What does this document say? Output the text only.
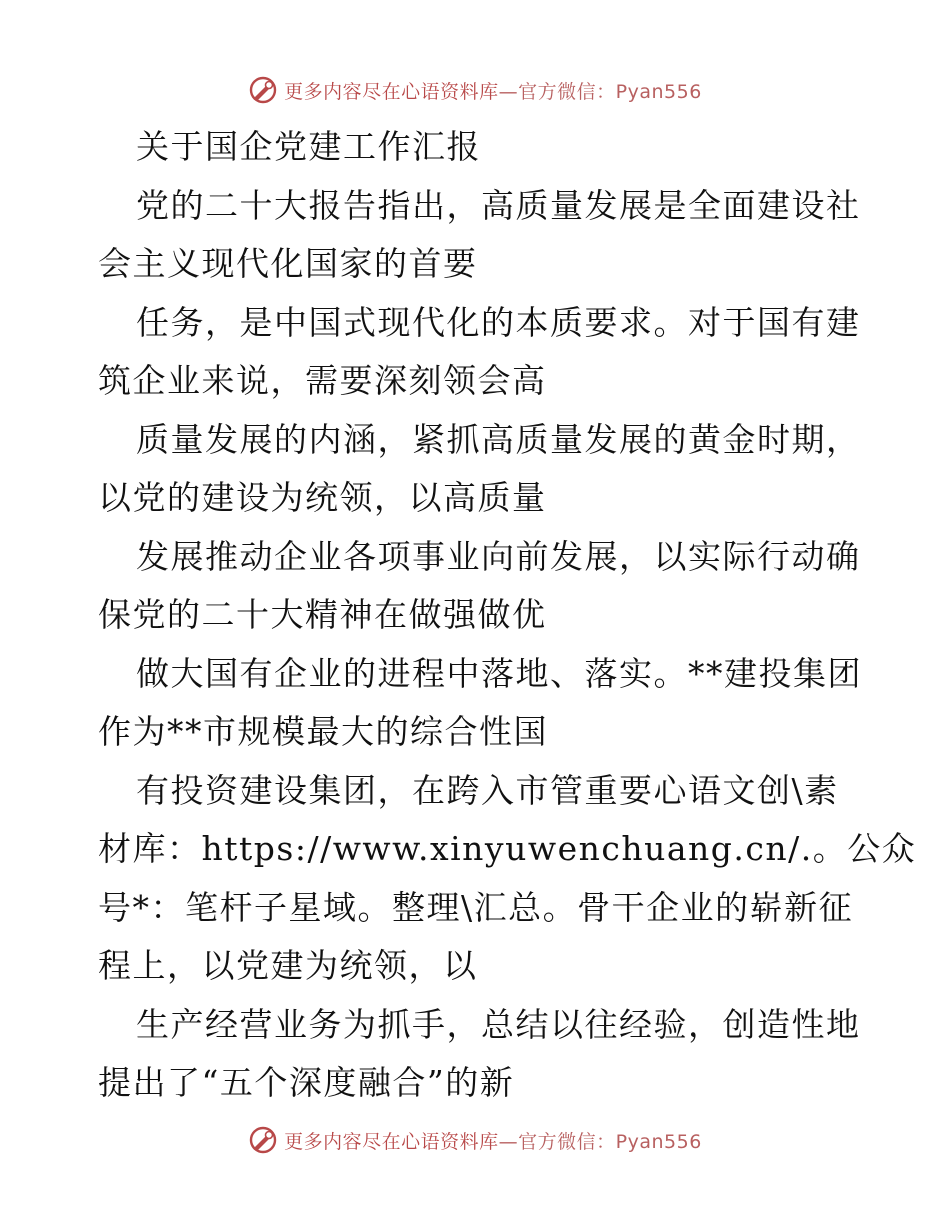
更多内容尽在心语资料库—官方微信：Pyan556
关于国企党建工作汇报
党的二十大报告指出，高质量发展是全面建设社
会主义现代化国家的首要
任务，是中国式现代化的本质要求。对于国有建
筑企业来说，需要深刻领会高
质量发展的内涵，紧抓高质量发展的黄金时期，
以党的建设为统领，以高质量
发展推动企业各项事业向前发展，以实际行动确
保党的二十大精神在做强做优
做大国有企业的进程中落地、落实。**建投集团
作为**市规模最大的综合性国
有投资建设集团，在跨入市管重要心语文创\素
材库：https://www.xinyuwenchuang.cn/.。公众
号*：笔杆子星域。整理\汇总。骨干企业的崭新征
程上，以党建为统领，以
生产经营业务为抓手，总结以往经验，创造性地
提出了“五个深度融合”的新
更多内容尽在心语资料库—官方微信：Pyan556
